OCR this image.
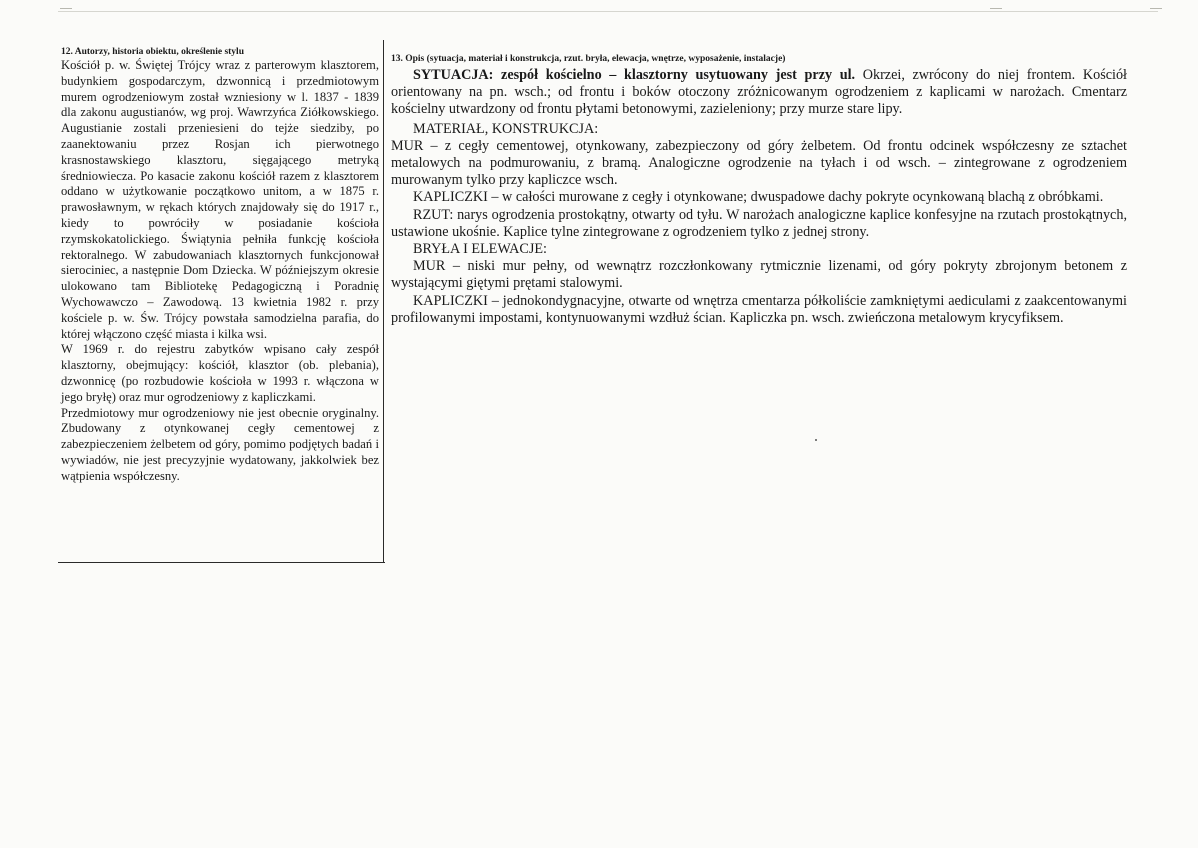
12. Autorzy, historia obiektu, określenie stylu

Kościół p. w. Świętej Trójcy wraz z parterowym klasztorem, budynkiem gospodarczym, dzwonnicą i przedmiotowym murem ogrodzeniowym został wzniesiony w l. 1837 - 1839 dla zakonu augustianów, wg proj. Wawrzyńca Ziółkowskiego. Augustianie zostali przeniesieni do tejże siedziby, po zaanektowaniu przez Rosjan ich pierwotnego krasnostawskiego klasztoru, sięgającego metryką średniowiecza. Po kasacie zakonu kościół razem z klasztorem oddano w użytkowanie początkowo unitom, a w 1875 r. prawosławnym, w rękach których znajdowały się do 1917 r., kiedy to powróciły w posiadanie kościoła rzymskokatolickiego. Świątynia pełniła funkcję kościoła rektoralnego. W zabudowaniach klasztornych funkcjonował sierociniec, a następnie Dom Dziecka. W późniejszym okresie ulokowano tam Bibliotekę Pedagogiczną i Poradnię Wychowawczo – Zawodową. 13 kwietnia 1982 r. przy kościele p. w. Św. Trójcy powstała samodzielna parafia, do której włączono część miasta i kilka wsi.

W 1969 r. do rejestru zabytków wpisano cały zespół klasztorny, obejmujący: kościół, klasztor (ob. plebania), dzwonnicę (po rozbudowie kościoła w 1993 r. włączona w jego bryłę) oraz mur ogrodzeniowy z kapliczkami.

Przedmiotowy mur ogrodzeniowy nie jest obecnie oryginalny. Zbudowany z otynkowanej cegły cementowej z zabezpieczeniem żelbetem od góry, pomimo podjętych badań i wywiadów, nie jest precyzyjnie wydatowany, jakkolwiek bez wątpienia współczesny.

13. Opis (sytuacja, materiał i konstrukcja, rzut. bryła, elewacja, wnętrze, wyposażenie, instalacje)

SYTUACJA: zespół kościelno – klasztorny usytuowany jest przy ul. Okrzei, zwrócony do niej frontem. Kościół orientowany na pn. wsch.; od frontu i boków otoczony zróżnicowanym ogrodzeniem z kaplicami w narożach. Cmentarz kościelny utwardzony od frontu płytami betonowymi, zazieleniony; przy murze stare lipy.

MATERIAŁ, KONSTRUKCJA:

MUR – z cegły cementowej, otynkowany, zabezpieczony od góry żelbetem. Od frontu odcinek współczesny ze sztachet metalowych na podmurowaniu, z bramą. Analogiczne ogrodzenie na tyłach i od wsch. – zintegrowane z ogrodzeniem murowanym tylko przy kapliczce wsch.

KAPLICZKI – w całości murowane z cegły i otynkowane; dwuspadowe dachy pokryte ocynkowaną blachą z obróbkami.

RZUT: narys ogrodzenia prostokątny, otwarty od tyłu. W narożach analogiczne kaplice konfesyjne na rzutach prostokątnych, ustawione ukośnie. Kaplice tylne zintegrowane z ogrodzeniem tylko z jednej strony.

BRYŁA I ELEWACJE:

MUR – niski mur pełny, od wewnątrz rozczłonkowany rytmicznie lizenami, od góry pokryty zbrojonym betonem z wystającymi giętymi prętami stalowymi.

KAPLICZKI – jednokondygnacyjne, otwarte od wnętrza cmentarza półkoliście zamkniętymi aediculami z zaakcentowanymi profilowanymi impostami, kontynuowanymi wzdłuż ścian. Kapliczka pn. wsch. zwieńczona metalowym krycyfiksem.
